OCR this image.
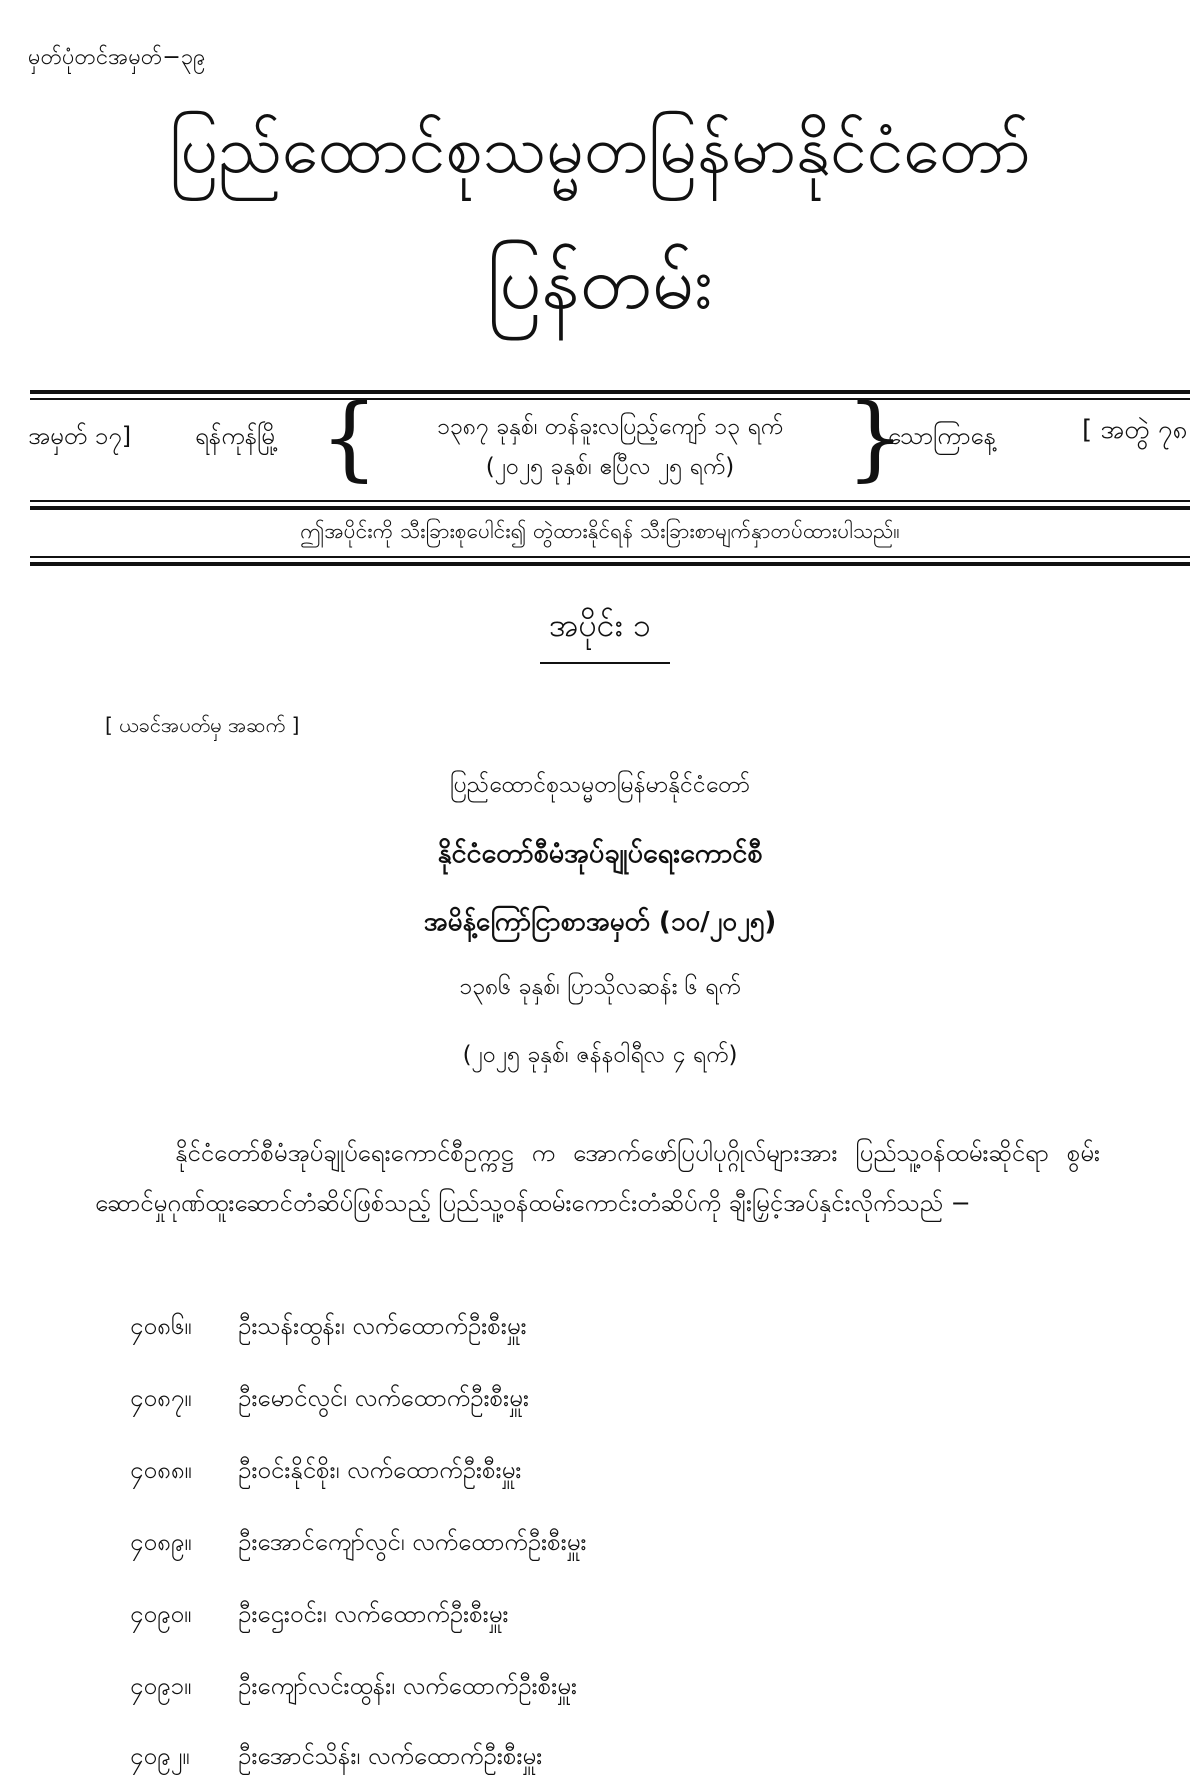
မှတ်ပုံတင်အမှတ်−၃၉
ပြည်ထောင်စုသမ္မတမြန်မာနိုင်ငံတော်
ပြန်တမ်း
အမှတ် ၁၇]	ရန်ကုန်မြို့ {	၁၃၈၇ ခုနှစ်၊ တန်ခူးလပြည့်ကျော် ၁၃ ရက်
(၂၀၂၅ ခုနှစ်၊ ဧပြီလ ၂၅ ရက်)	}
သောကြာနေ့	[ အတွဲ ၇၈
ဤအပိုင်းကို သီးခြားစုပေါင်း၍ တွဲထားနိုင်ရန် သီးခြားစာမျက်နှာတပ်ထားပါသည်။
အပိုင်း ၁
[ ယခင်အပတ်မှ အဆက် ]
ပြည်ထောင်စုသမ္မတမြန်မာနိုင်ငံတော်
နိုင်ငံတော်စီမံအုပ်ချုပ်ရေးကောင်စီ
အမိန့်ကြော်ငြာစာအမှတ် (၁၀/၂၀၂၅)
၁၃၈၆ ခုနှစ်၊ ပြာသိုလဆန်း ၆ ရက်
(၂၀၂၅ ခုနှစ်၊ ဇန်နဝါရီလ ၄ ရက်)
နိုင်ငံတော်စီမံအုပ်ချုပ်ရေးကောင်စီဥက္ကဋ္ဌ က အောက်ဖော်ပြပါပုဂ္ဂိုလ်များအား ပြည်သူ့ဝန်ထမ်းဆိုင်ရာ စွမ်းဆောင်မှုဂုဏ်ထူးဆောင်တံဆိပ်ဖြစ်သည့် ပြည်သူ့ဝန်ထမ်းကောင်းတံဆိပ်ကို ချီးမြှင့်အပ်နှင်းလိုက်သည် −
၄၀၈၆။ ဦးသန်းထွန်း၊ လက်ထောက်ဦးစီးမှူး
၄၀၈၇။ ဦးမောင်လွင်၊ လက်ထောက်ဦးစီးမှူး
၄၀၈၈။ ဦးဝင်းနိုင်စိုး၊ လက်ထောက်ဦးစီးမှူး
၄၀၈၉။ ဦးအောင်ကျော်လွင်၊ လက်ထောက်ဦးစီးမှူး
၄၀၉၀။ ဦးဌေးဝင်း၊ လက်ထောက်ဦးစီးမှူး
၄၀၉၁။ ဦးကျော်လင်းထွန်း၊ လက်ထောက်ဦးစီးမှူး
၄၀၉၂။ ဦးအောင်သိန်း၊ လက်ထောက်ဦးစီးမှူး
